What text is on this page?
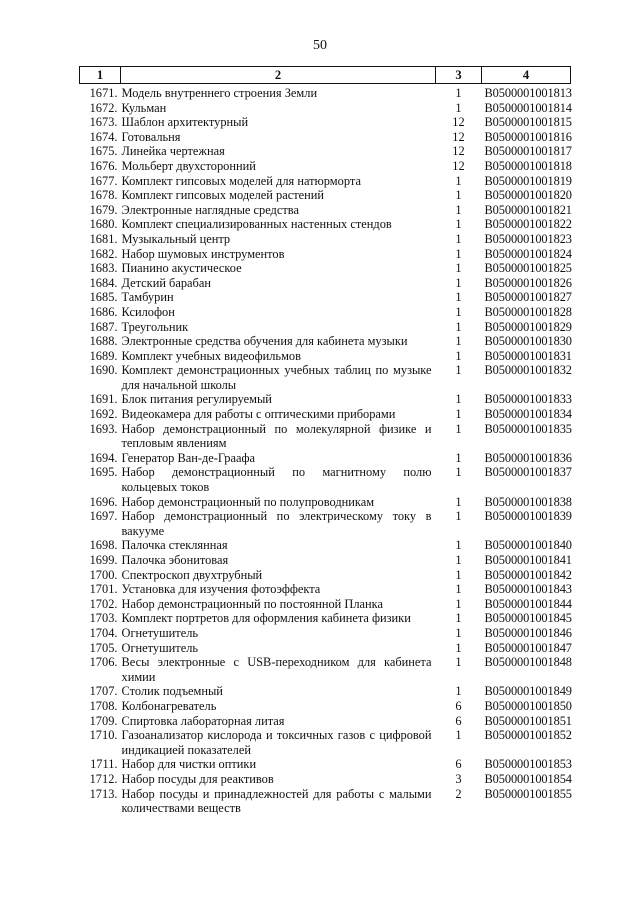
50
1	2	3	4
1671.	Модель внутреннего строения Земли	1	B0500001001813
1672.	Кульман	1	B0500001001814
1673.	Шаблон архитектурный	12	B0500001001815
1674.	Готовальня	12	B0500001001816
1675.	Линейка чертежная	12	B0500001001817
1676.	Мольберт двухсторонний	12	B0500001001818
1677.	Комплект гипсовых моделей для натюрморта	1	B0500001001819
1678.	Комплект гипсовых моделей растений	1	B0500001001820
1679.	Электронные наглядные средства	1	B0500001001821
1680.	Комплект специализированных настенных стендов	1	B0500001001822
1681.	Музыкальный центр	1	B0500001001823
1682.	Набор шумовых инструментов	1	B0500001001824
1683.	Пианино акустическое	1	B0500001001825
1684.	Детский барабан	1	B0500001001826
1685.	Тамбурин	1	B0500001001827
1686.	Ксилофон	1	B0500001001828
1687.	Треугольник	1	B0500001001829
1688.	Электронные средства обучения для кабинета музыки	1	B0500001001830
1689.	Комплект учебных видеофильмов	1	B0500001001831
1690.	Комплект демонстрационных учебных таблиц по музыке для начальной школы	1	B0500001001832
1691.	Блок питания регулируемый	1	B0500001001833
1692.	Видеокамера для работы с оптическими приборами	1	B0500001001834
1693.	Набор демонстрационный по молекулярной физике и тепловым явлениям	1	B0500001001835
1694.	Генератор Ван-де-Граафа	1	B0500001001836
1695.	Набор демонстрационный по магнитному полю кольцевых токов	1	B0500001001837
1696.	Набор демонстрационный по полупроводникам	1	B0500001001838
1697.	Набор демонстрационный по электрическому току в вакууме	1	B0500001001839
1698.	Палочка стеклянная	1	B0500001001840
1699.	Палочка эбонитовая	1	B0500001001841
1700.	Спектроскоп двухтрубный	1	B0500001001842
1701.	Установка для изучения фотоэффекта	1	B0500001001843
1702.	Набор демонстрационный по постоянной Планка	1	B0500001001844
1703.	Комплект портретов для оформления кабинета физики	1	B0500001001845
1704.	Огнетушитель	1	B0500001001846
1705.	Огнетушитель	1	B0500001001847
1706.	Весы электронные с USB-переходником для кабинета химии	1	B0500001001848
1707.	Столик подъемный	1	B0500001001849
1708.	Колбонагреватель	6	B0500001001850
1709.	Спиртовка лабораторная литая	6	B0500001001851
1710.	Газоанализатор кислорода и токсичных газов с цифровой индикацией показателей	1	B0500001001852
1711.	Набор для чистки оптики	6	B0500001001853
1712.	Набор посуды для реактивов	3	B0500001001854
1713.	Набор посуды и принадлежностей для работы с малыми количествами веществ	2	B0500001001855
